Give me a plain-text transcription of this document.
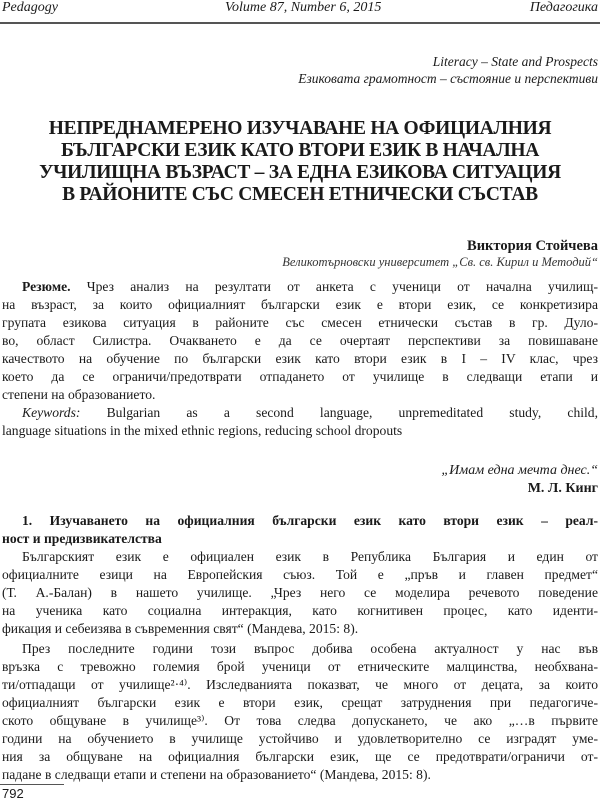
Pedagogy	Volume 87, Number 6, 2015	Педагогика
Literacy – State and Prospects
Езиковата грамотност – състояние и перспективи
НЕПРЕДНАМЕРЕНО ИЗУЧАВАНЕ НА ОФИЦИАЛНИЯ
БЪЛГАРСКИ ЕЗИК КАТО ВТОРИ ЕЗИК В НАЧАЛНА
УЧИЛИЩНА ВЪЗРАСТ – ЗА ЕДНА ЕЗИКОВА СИТУАЦИЯ
В РАЙОНИТЕ СЪС СМЕСЕН ЕТНИЧЕСКИ СЪСТАВ
Виктория Стойчева
Великотърновски университет „Св. св. Кирил и Методий“
Резюме. Чрез анализ на резултати от анкета с ученици от начална училищ-
на възраст, за които официалният български език е втори език, се конкретизира
групата езикова ситуация в районите със смесен етнически състав в гр. Дуло-
во, област Силистра. Очакването е да се очертаят перспективи за повишаване
качеството на обучение по български език като втори език в I – IV клас, чрез
което да се ограничи/предотврати отпадането от училище в следващи етапи и
степени на образованието.
Keywords: Bulgarian as a second language, unpremeditated study, child,
language situations in the mixed ethnic regions, reducing school dropouts
„Имам една мечта днес.“
М. Л. Кинг
1. Изучаването на официалния български език като втори език – реал-
ност и предизвикателства
Българският език е официален език в Република България и един от
официалните езици на Европейския съюз. Той е „пръв и главен предмет“
(Т. А.-Балан) в нашето училище. „Чрез него се моделира речевото поведение
на ученика като социална интеракция, като когнитивен процес, като иденти-
фикация и себеизява в съвременния свят“ (Мандева, 2015: 8).
През последните години този въпрос добива особена актуалност у нас във
връзка с тревожно големия брой ученици от етническите малцинства, необхвана-
ти/отпадащи от училище²·⁴⁾. Изследванията показват, че много от децата, за които
официалният български език е втори език, срещат затруднения при педагогиче-
ското общуване в училище³⁾. От това следва допускането, че ако „…в първите
години на обучението в училище устойчиво и удовлетворително се изградят уме-
ния за общуване на официалния български език, ще се предотврати/ограничи от-
падане в следващи етапи и степени на образованието“ (Мандева, 2015: 8).
792
